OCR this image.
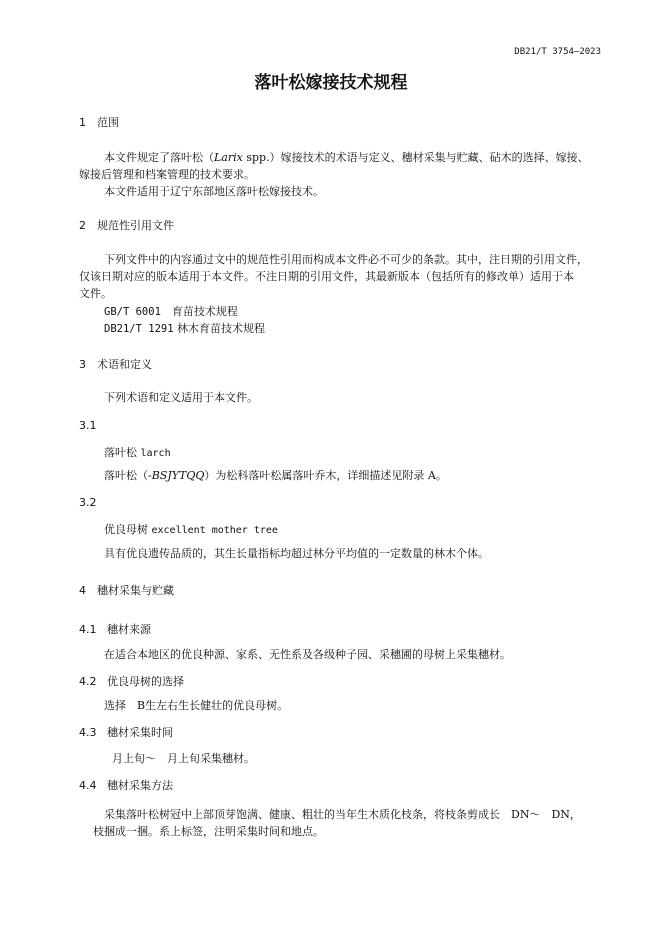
DB21/T 3754—2023
落叶松嫁接技术规程
1 范围
本文件规定了落叶松（Larix spp.）嫁接技术的术语与定义、穗材采集与贮藏、砧木的选择、嫁接、
嫁接后管理和档案管理的技术要求。
本文件适用于辽宁东部地区落叶松嫁接技术。
2 规范性引用文件
下列文件中的内容通过文中的规范性引用而构成本文件必不可少的条款。其中，注日期的引用文件，
仅该日期对应的版本适用于本文件。不注日期的引用文件，其最新版本（包括所有的修改单）适用于本
文件。
GB/T 6001　 育苗技术规程
DB21/T 1291 林木育苗技术规程
3 术语和定义
下列术语和定义适用于本文件。
3.1
落叶松 larch
落叶松（-BSJYTQQ）为松科落叶松属落叶乔木，详细描述见附录 A。
3.2
优良母树 excellent mother tree
具有优良遗传品质的，其生长量指标均超过林分平均值的一定数量的林木个体。
4 穗材采集与贮藏
4.1 穗材来源
在适合本地区的优良种源、家系、无性系及各级种子园、采穗圃的母树上采集穗材。
4.2 优良母树的选择
选择　B生左右生长健壮的优良母树。
4.3 穗材采集时间
月上旬～　月上旬采集穗材。
4.4 穗材采集方法
采集落叶松树冠中上部顶芽饱满、健康、粗壮的当年生木质化枝条，将枝条剪成长　DN～　DN，
枝捆成一捆。系上标签，注明采集时间和地点。
